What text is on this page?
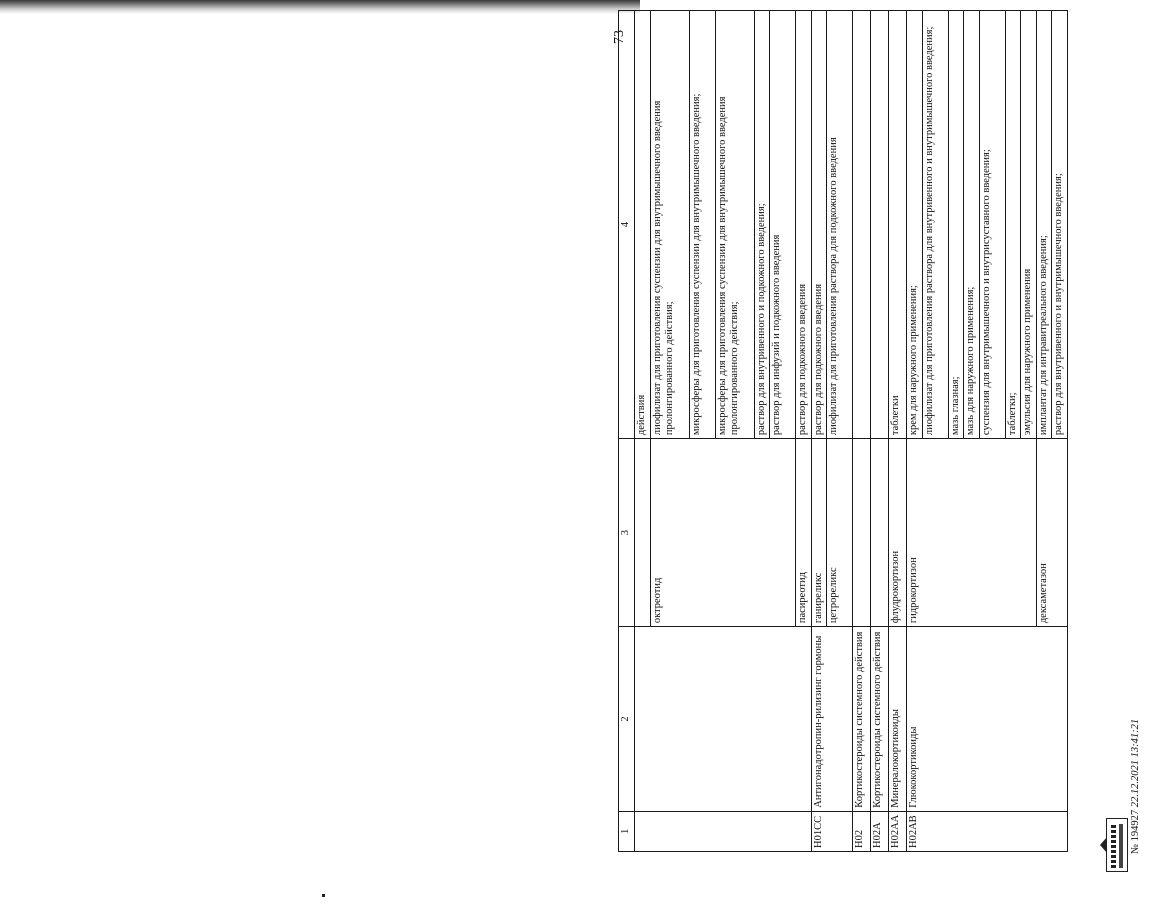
73
1	2	3	4
			действия
		октреотид	лиофилизат для приготовления суспензии для внутримышечного введения пролонгированного действия;
			микросферы для приготовления суспензии для внутримышечного введения;
			микросферы для приготовления суспензии для внутримышечного введения пролонгированного действия;
			раствор для внутривенного и подкожного введения;
			раствор для инфузий и подкожного введения
		пасиреотид	раствор для подкожного введения
H01CC	Антигонадотропин-рилизинг гормоны	ганиреликс	раствор для подкожного введения
		цетрореликс	лиофилизат для приготовления раствора для подкожного введения
H02	Кортикостероиды системного действия		
H02A	Кортикостероиды системного действия		
H02AA	Минералокортикоиды	флудрокортизон	таблетки
H02AB	Глюкокортикоиды	гидрокортизон	крем для наружного применения;
			лиофилизат для приготовления раствора для внутривенного и внутримышечного введения;
			мазь глазная;
			мазь для наружного применения;
			суспензия для внутримышечного и внутрисуставного введения;
			таблетки;
			эмульсия для наружного применения
		дексаметазон	имплантат для интравитреального введения;
			раствор для внутривенного и внутримышечного введения;
№ 194927 22.12.2021 13:41:21
